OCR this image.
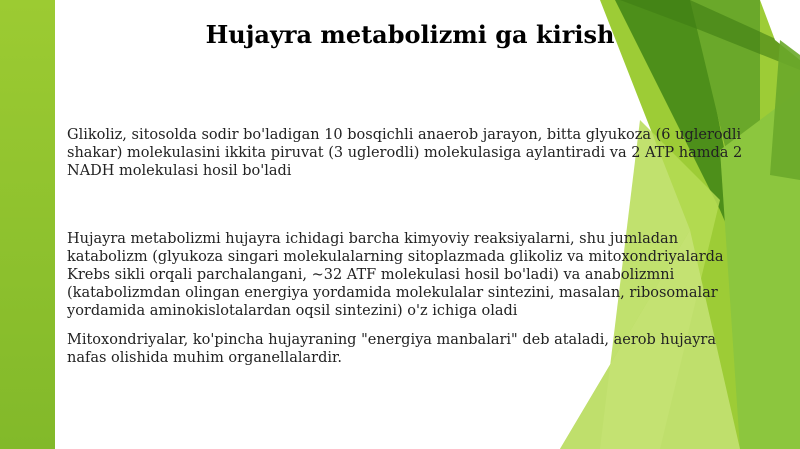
Hujayra metabolizmi ga kirish

Glikoliz, sitosolda sodir bo'ladigan 10 bosqichli anaerob jarayon, bitta glyukoza (6 uglerodli shakar) molekulasini ikkita piruvat (3 uglerodli) molekulasiga aylantiradi va 2 ATP hamda 2 NADH molekulasi hosil bo'ladi

Hujayra metabolizmi hujayra ichidagi barcha kimyoviy reaksiyalarni, shu jumladan katabolizm (glyukoza singari molekulalarning sitoplazmada glikoliz va mitoxondriyalarda Krebs sikli orqali parchalangani, ~32 ATF molekulasi hosil bo'ladi) va anabolizmni (katabolizmdan olingan energiya yordamida molekulalar sintezini, masalan, ribosomalar yordamida aminokislotalardan oqsil sintezini) o'z ichiga oladi

Mitoxondriyalar, ko'pincha hujayraning "energiya manbalari" deb ataladi, aerob hujayra nafas olishida muhim organellalardir.
